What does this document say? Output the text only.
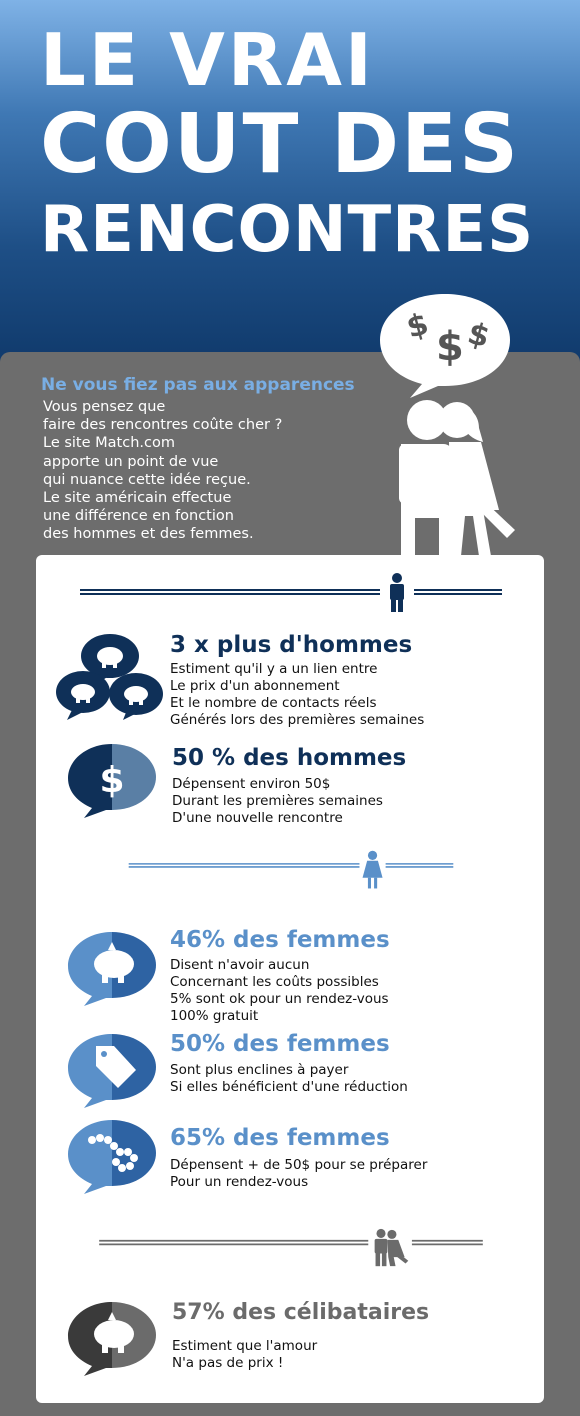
LE VRAI
COUT DES
RENCONTRES
$ $ $
Ne vous fiez pas aux apparences
Vous pensez que
faire des rencontres coûte cher ?
Le site Match.com
apporte un point de vue
qui nuance cette idée reçue.
Le site américain effectue
une différence en fonction
des hommes et des femmes.
3 x plus d'hommes
Estiment qu'il y a un lien entre
Le prix d'un abonnement
Et le nombre de contacts réels
Générés lors des premières semaines
$
50 % des hommes
Dépensent environ 50$
Durant les premières semaines
D'une nouvelle rencontre
46% des femmes
Disent n'avoir aucun
Concernant les coûts possibles
5% sont ok pour un rendez-vous
100% gratuit
50% des femmes
Sont plus enclines à payer
Si elles bénéficient d'une réduction
65% des femmes
Dépensent + de 50$ pour se préparer
Pour un rendez-vous
57% des célibataires
Estiment que l'amour
N'a pas de prix !
